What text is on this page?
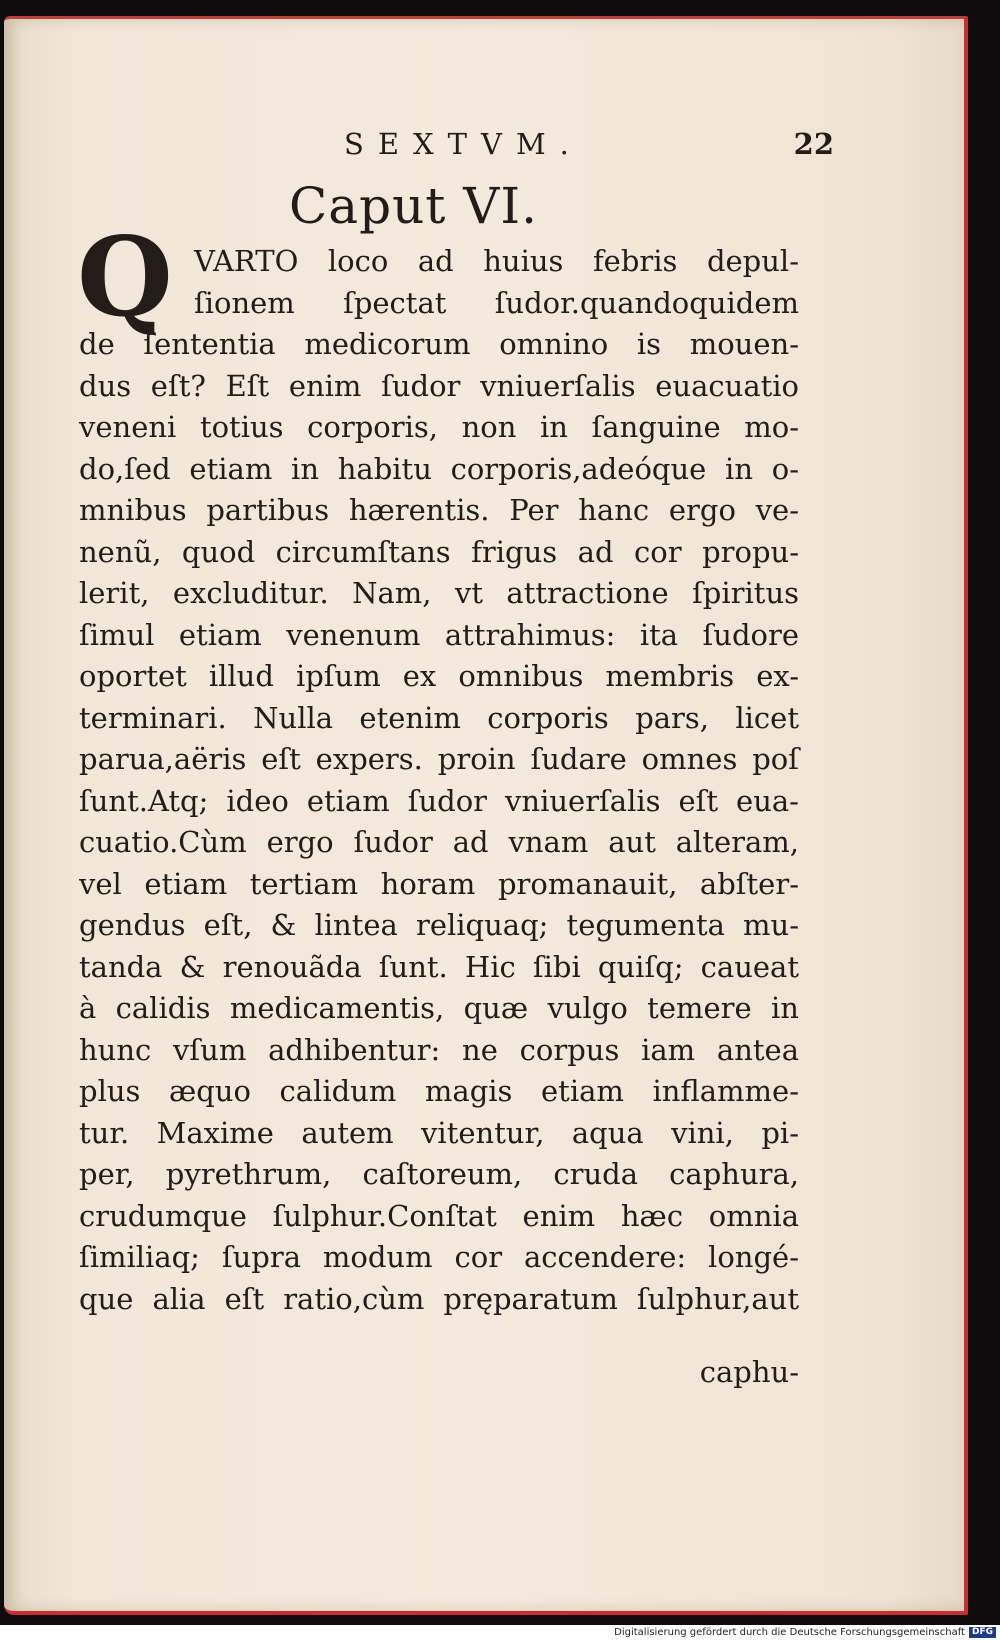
SEXTVM.	22
Caput VI.
Q VARTO loco ad huius febris depul-
ſionem ſpectat ſudor.quandoquidem
de ſententia medicorum omnino is mouen-
dus eſt? Eſt enim ſudor vniuerſalis euacuatio
veneni totius corporis, non in ſanguine mo-
do,ſed etiam in habitu corporis,adeóque in o-
mnibus partibus hærentis. Per hanc ergo ve-
nenũ, quod circumſtans frigus ad cor propu-
lerit, excluditur. Nam, vt attractione ſpiritus
ſimul etiam venenum attrahimus: ita ſudore
oportet illud ipſum ex omnibus membris ex-
terminari. Nulla etenim corporis pars, licet
parua,aëris eſt expers. proin ſudare omnes poſ
ſunt.Atq; ideo etiam ſudor vniuerſalis eſt eua-
cuatio.Cùm ergo ſudor ad vnam aut alteram,
vel etiam tertiam horam promanauit, abſter-
gendus eſt, & lintea reliquaq; tegumenta mu-
tanda & renouãda ſunt. Hic ſibi quiſq; caueat
à calidis medicamentis, quæ vulgo temere in
hunc vſum adhibentur: ne corpus iam antea
plus æquo calidum magis etiam inflamme-
tur. Maxime autem vitentur, aqua vini, pi-
per, pyrethrum, caſtoreum, cruda caphura,
crudumque ſulphur.Conſtat enim hæc omnia
ſimiliaq; ſupra modum cor accendere: longé-
que alia eſt ratio,cùm pręparatum ſulphur,aut
caphu-
Digitalisierung gefördert durch die Deutsche Forschungsgemeinschaft DFG
